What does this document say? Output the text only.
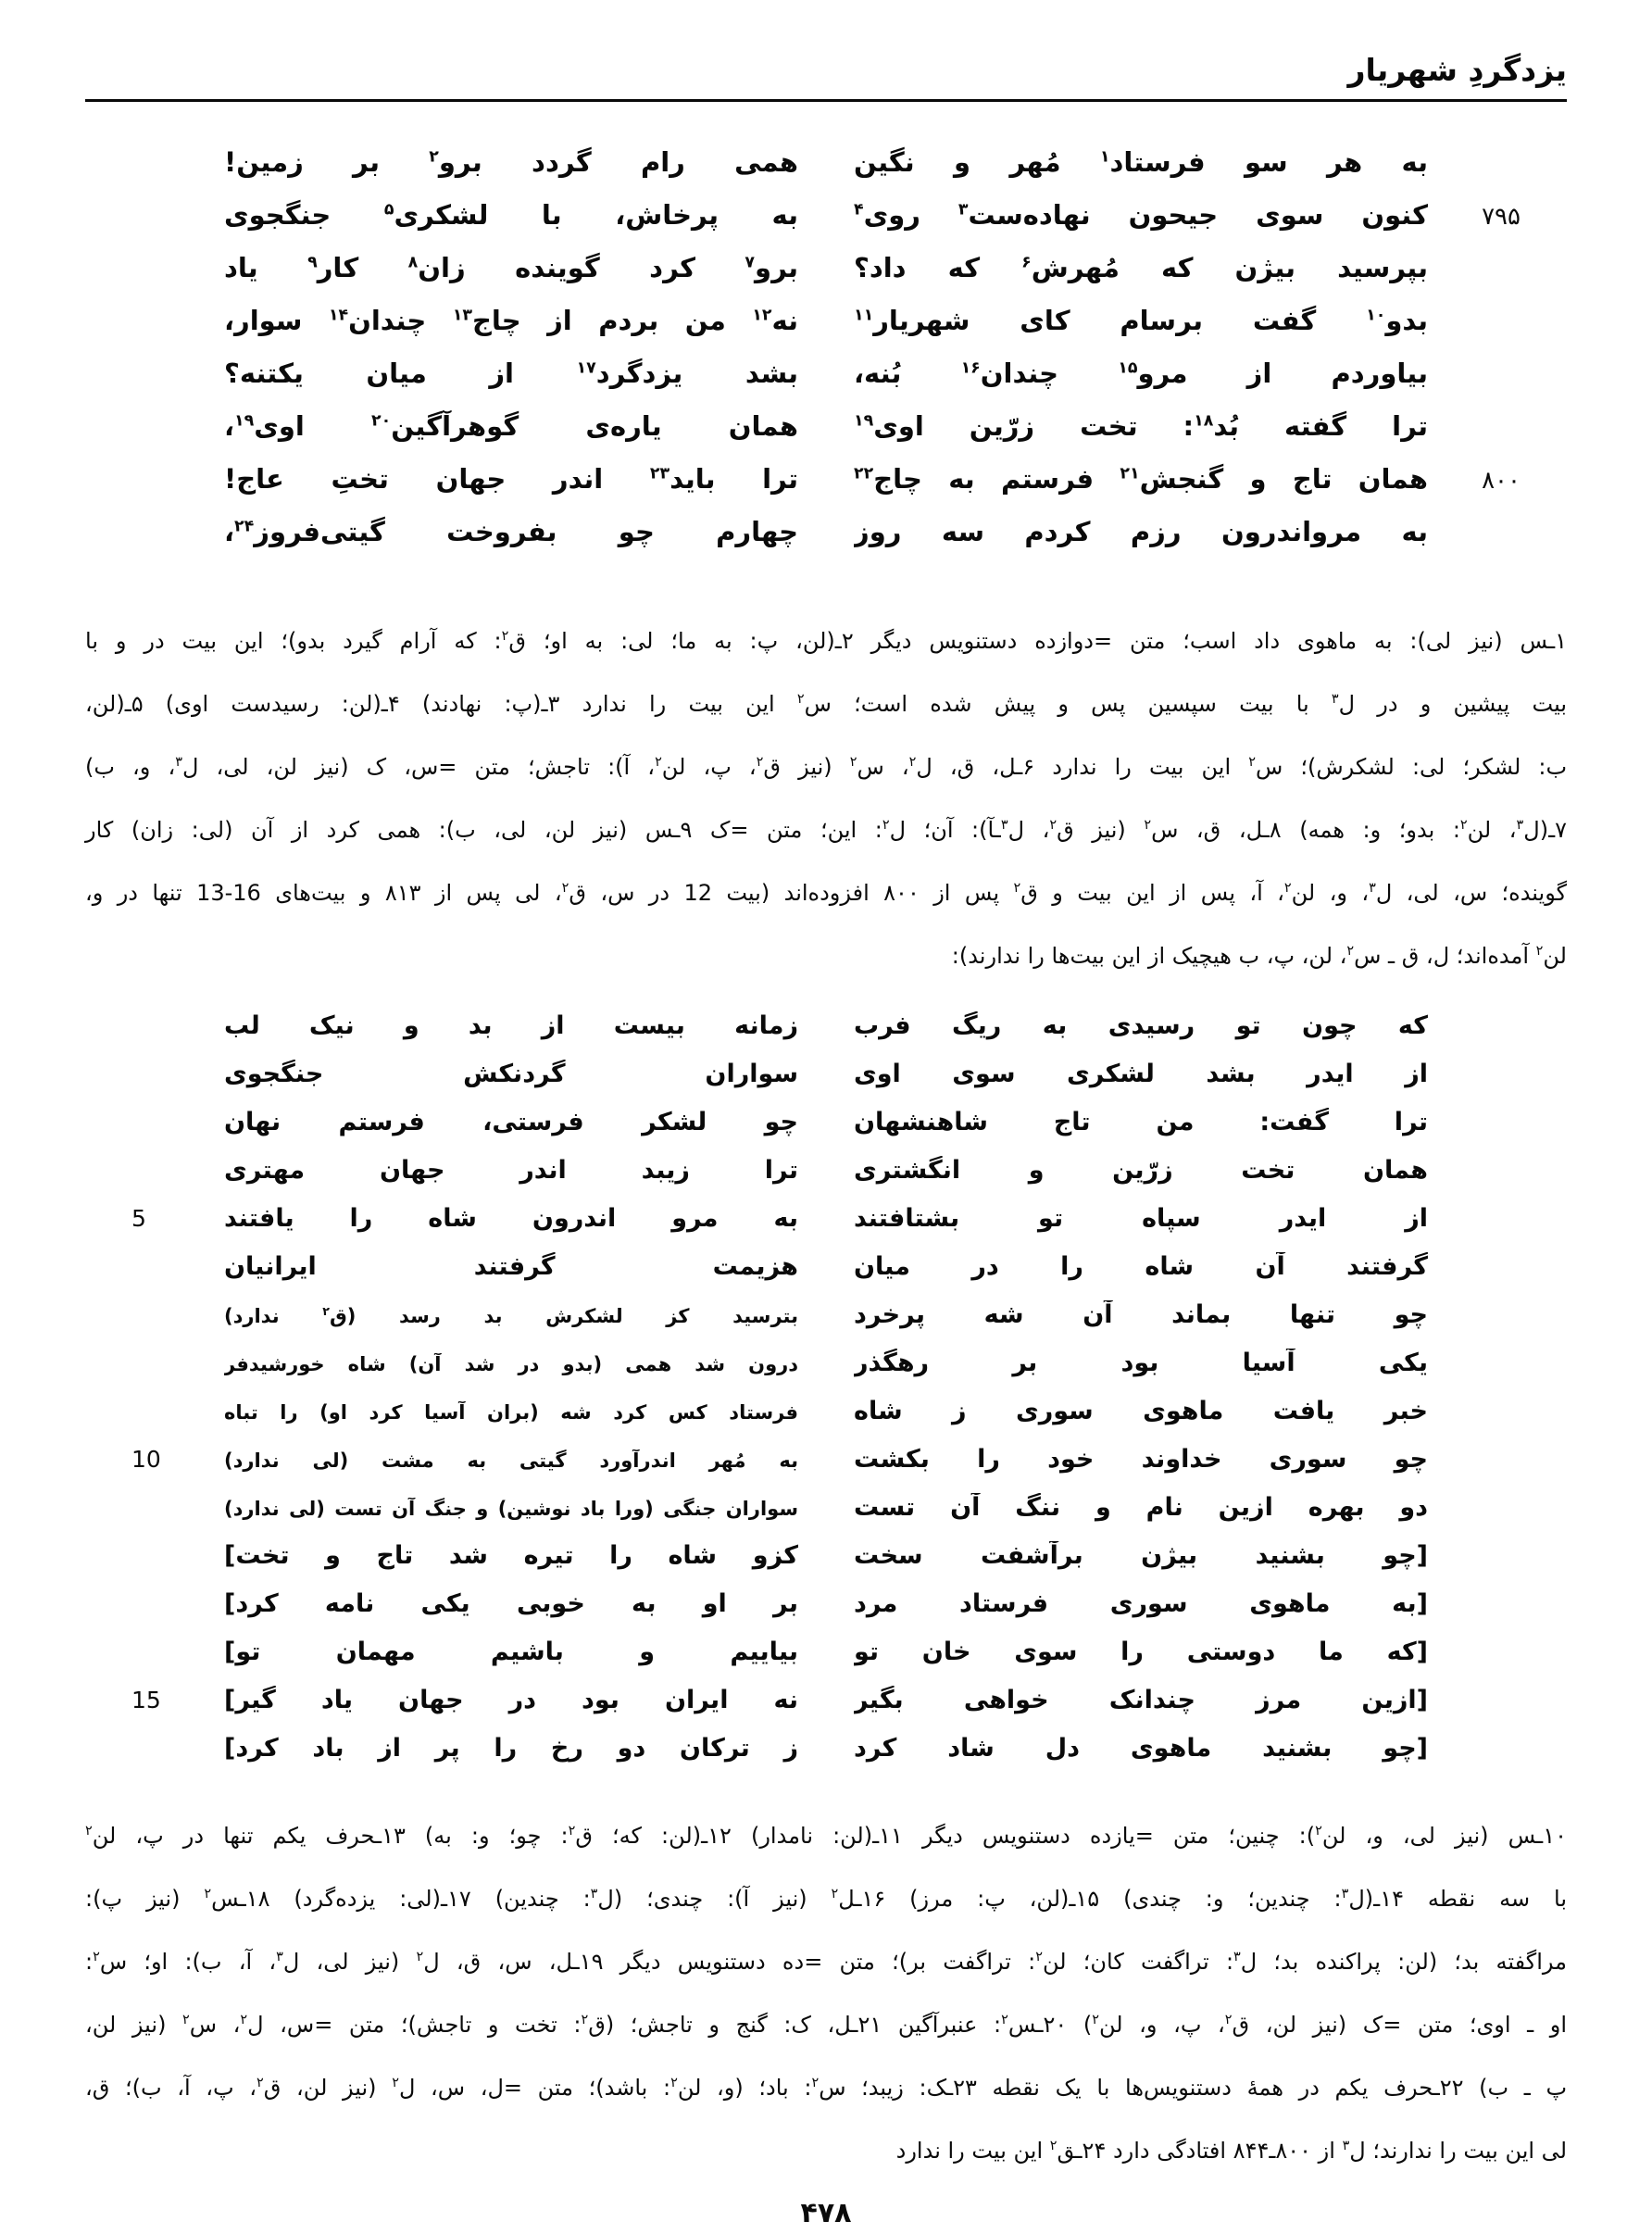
یزدگردِ شهریار
به هر سو فرستاد$^۱$ مُهر و نگین
همی رام گردد برو$^۲$ بر زمین!
۷۹۵
کنون سوی جیحون نهاده‌ست$^۳$ روی$^۴$
به پرخاش، با لشکری$^۵$ جنگجوی
بپرسید بیژن که مُهرش$^۶$ که داد؟
برو$^۷$ کرد گوینده زان$^۸$ کار$^۹$ یاد
بدو$^{۱۰}$ گفت برسام کای شهریار$^{۱۱}$
نه$^{۱۲}$ من بردم از چاج$^{۱۳}$ چندان$^{۱۴}$ سوار،
بیاوردم از مرو$^{۱۵}$ چندان$^{۱۶}$ بُنه،
بشد یزدگرد$^{۱۷}$ از میان یکتنه؟
ترا گفته بُد$^{۱۸}$: تخت زرّین اوی$^{۱۹}$
همان یاره‌ی گوهرآگین$^{۲۰}$ اوی$^{۱۹}$،
۸۰۰
همان تاج و گنجش$^{۲۱}$ فرستم به چاج$^{۲۲}$
ترا باید$^{۲۳}$ اندر جهان تختِ عاج!
به مرواندرون رزم کردم سه روز
چهارم چو بفروخت گیتی‌فروز$^{۲۴}$،
۱ـس (نیز لی): به ماهوی داد اسب؛ متن =دوازده دستنویس دیگر ۲ـ(لن، پ: به ما؛ لی: به او؛ ق$^۲$: که آرام گیرد بدو)؛ این بیت در و با
بیت پیشین و در ل$^۳$ با بیت سپسین پس و پیش شده است؛ س$^۲$ این بیت را ندارد ۳ـ(پ: نهادند) ۴ـ(لن: رسیدست اوی) ۵ـ(لن،
ب: لشکر؛ لی: لشکرش)؛ س$^۲$ این بیت را ندارد ۶ـل، ق، ل$^۲$، س$^۲$ (نیز ق$^۲$، پ، لن$^۲$، آ): تاجش؛ متن =س، ک (نیز لن، لی، ل$^۳$، و، ب)
۷ـ(ل$^۳$، لن$^۲$: بدو؛ و: همه) ۸ـل، ق، س$^۲$ (نیز ق$^۲$، ل$^۳$ـآ): آن؛ ل$^۲$: این؛ متن =ک ۹ـس (نیز لن، لی، ب): همی کرد از آن (لی: زان) کار
گوینده؛ س، لی، ل$^۳$، و، لن$^۲$، آ، پس از این بیت و ق$^۲$ پس از ۸۰۰ افزوده‌اند (بیت 12 در س، ق$^۲$، لی پس از ۸۱۳ و بیت‌های 16-13 تنها در و،
لن$^۲$ آمده‌اند؛ ل، ق ـ س$^۲$، لن، پ، ب هیچیک از این بیت‌ها را ندارند):
که چون تو رسیدی به ریگ فرب
زمانه بیست از بد و نیک لب
از ایدر بشد لشکری سوی اوی
سواران گردنکش جنگجوی
ترا گفت: من تاج شاهنشهان
چو لشکر فرستی، فرستم نهان
همان تخت زرّین و انگشتری
ترا زیبد اندر جهان مهتری
از ایدر سپاه تو بشتافتند
به مرو اندرون شاه را یافتند
5
گرفتند آن شاه را در میان
هزیمت گرفتند ایرانیان
چو تنها بماند آن شه پرخرد
بترسید کز لشکرش بد رسد (ق$^۲$ ندارد)
یکی آسیا بود بر رهگذر
درون شد همی (بدو در شد آن) شاه خورشیدفر
خبر یافت ماهوی سوری ز شاه
فرستاد کس کرد شه (بران آسیا کرد او) را تباه
چو سوری خداوند خود را بکشت
به مُهر اندرآورد گیتی به مشت (لی ندارد)
10
دو بهره ازین نام و ننگ آن تست
سواران جنگی (ورا باد نوشین) و جنگ آن تست (لی ندارد)
[چو بشنید بیژن برآشفت سخت
کزو شاه را تیره شد تاج و تخت]
[به ماهوی سوری فرستاد مرد
بر او به خوبی یکی نامه کرد]
[که ما دوستی را سوی خان تو
بیاییم و باشیم مهمان تو]
[ازین مرز چندانک خواهی بگیر
نه ایران بود در جهان یاد گیر]
15
[چو بشنید ماهوی دل شاد کرد
ز ترکان دو رخ را پر از باد کرد]
۱۰ـس (نیز لی، و، لن$^۲$): چنین؛ متن =یازده دستنویس دیگر ۱۱ـ(لن: نامدار) ۱۲ـ(لن: که؛ ق$^۲$: چو؛ و: به) ۱۳ـحرف یکم تنها در پ، لن$^۲$
با سه نقطه ۱۴ـ(ل$^۳$: چندین؛ و: چندی) ۱۵ـ(لن، پ: مرز) ۱۶ـل$^۲$ (نیز آ): چندی؛ (ل$^۳$: چندین) ۱۷ـ(لی: یزده‌گرد) ۱۸ـس$^۲$ (نیز پ):
مراگفته بد؛ (لن: پراکنده بد؛ ل$^۳$: تراگفت کان؛ لن$^۲$: تراگفت بر)؛ متن =ده دستنویس دیگر ۱۹ـل، س، ق، ل$^۲$ (نیز لی، ل$^۳$، آ، ب): او؛ س$^۲$:
او ـ اوی؛ متن =ک (نیز لن، ق$^۲$، پ، و، لن$^۲$) ۲۰ـس$^۲$: عنبرآگین ۲۱ـل، ک: گنج و تاجش؛ (ق$^۲$: تخت و تاجش)؛ متن =س، ل$^۲$، س$^۲$ (نیز لن،
پ ـ ب) ۲۲ـحرف یکم در همهٔ دستنویس‌ها با یک نقطه ۲۳ـک: زیبد؛ س$^۲$: باد؛ (و، لن$^۲$: باشد)؛ متن =ل، س، ل$^۲$ (نیز لن، ق$^۲$، پ، آ، ب)؛ ق،
لی این بیت را ندارند؛ ل$^۳$ از ۸۰۰ـ۸۴۴ افتادگی دارد ۲۴ـق$^۲$ این بیت را ندارد
۴۷۸
